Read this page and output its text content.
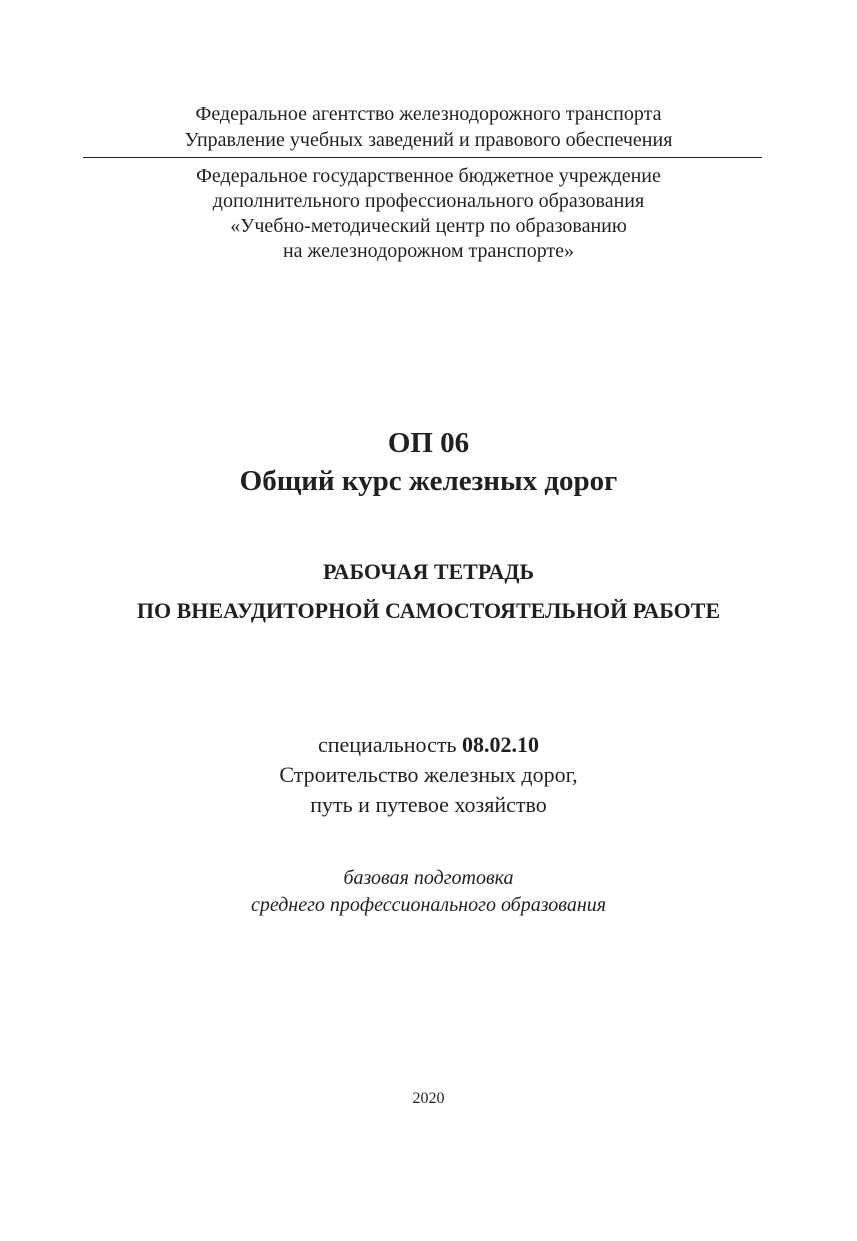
Федеральное агентство железнодорожного транспорта
Управление учебных заведений и правового обеспечения
Федеральное государственное бюджетное учреждение
дополнительного профессионального образования
«Учебно-методический центр по образованию
на железнодорожном транспорте»
ОП 06
Общий курс железных дорог
РАБОЧАЯ ТЕТРАДЬ
ПО ВНЕАУДИТОРНОЙ САМОСТОЯТЕЛЬНОЙ РАБОТЕ
специальность 08.02.10
Строительство железных дорог,
путь и путевое хозяйство
базовая подготовка
среднего профессионального образования
2020
